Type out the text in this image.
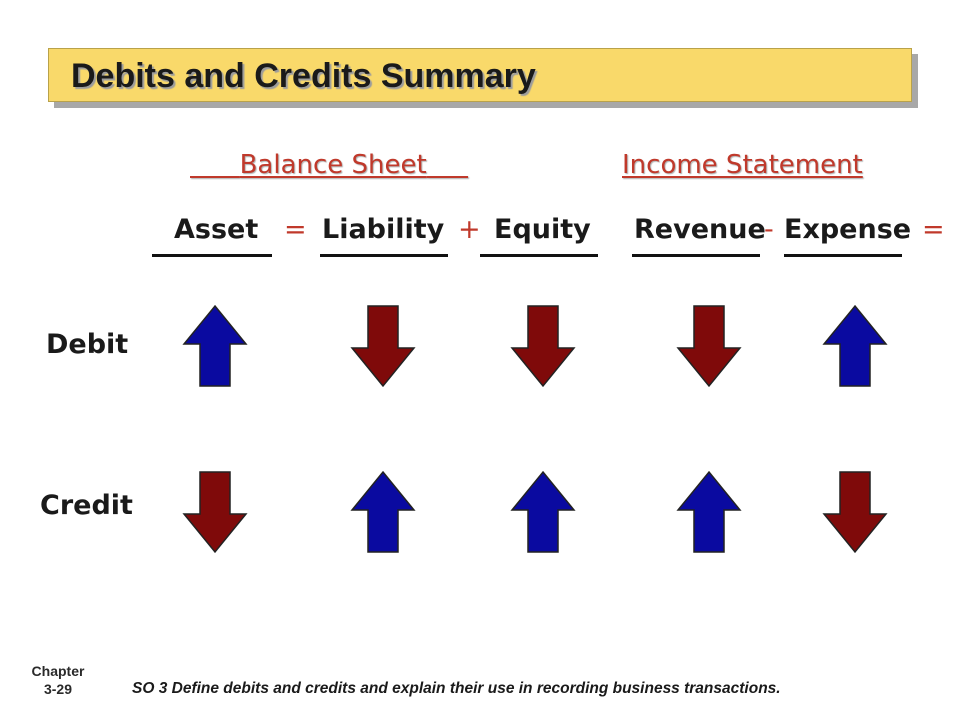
Debits and Credits Summary
Balance Sheet	Income Statement
Asset = Liability + Equity Revenue
- Expense =
Debit
Credit
Chapter
3-29	SO 3 Define debits and credits and explain their use in recording business transactions.
